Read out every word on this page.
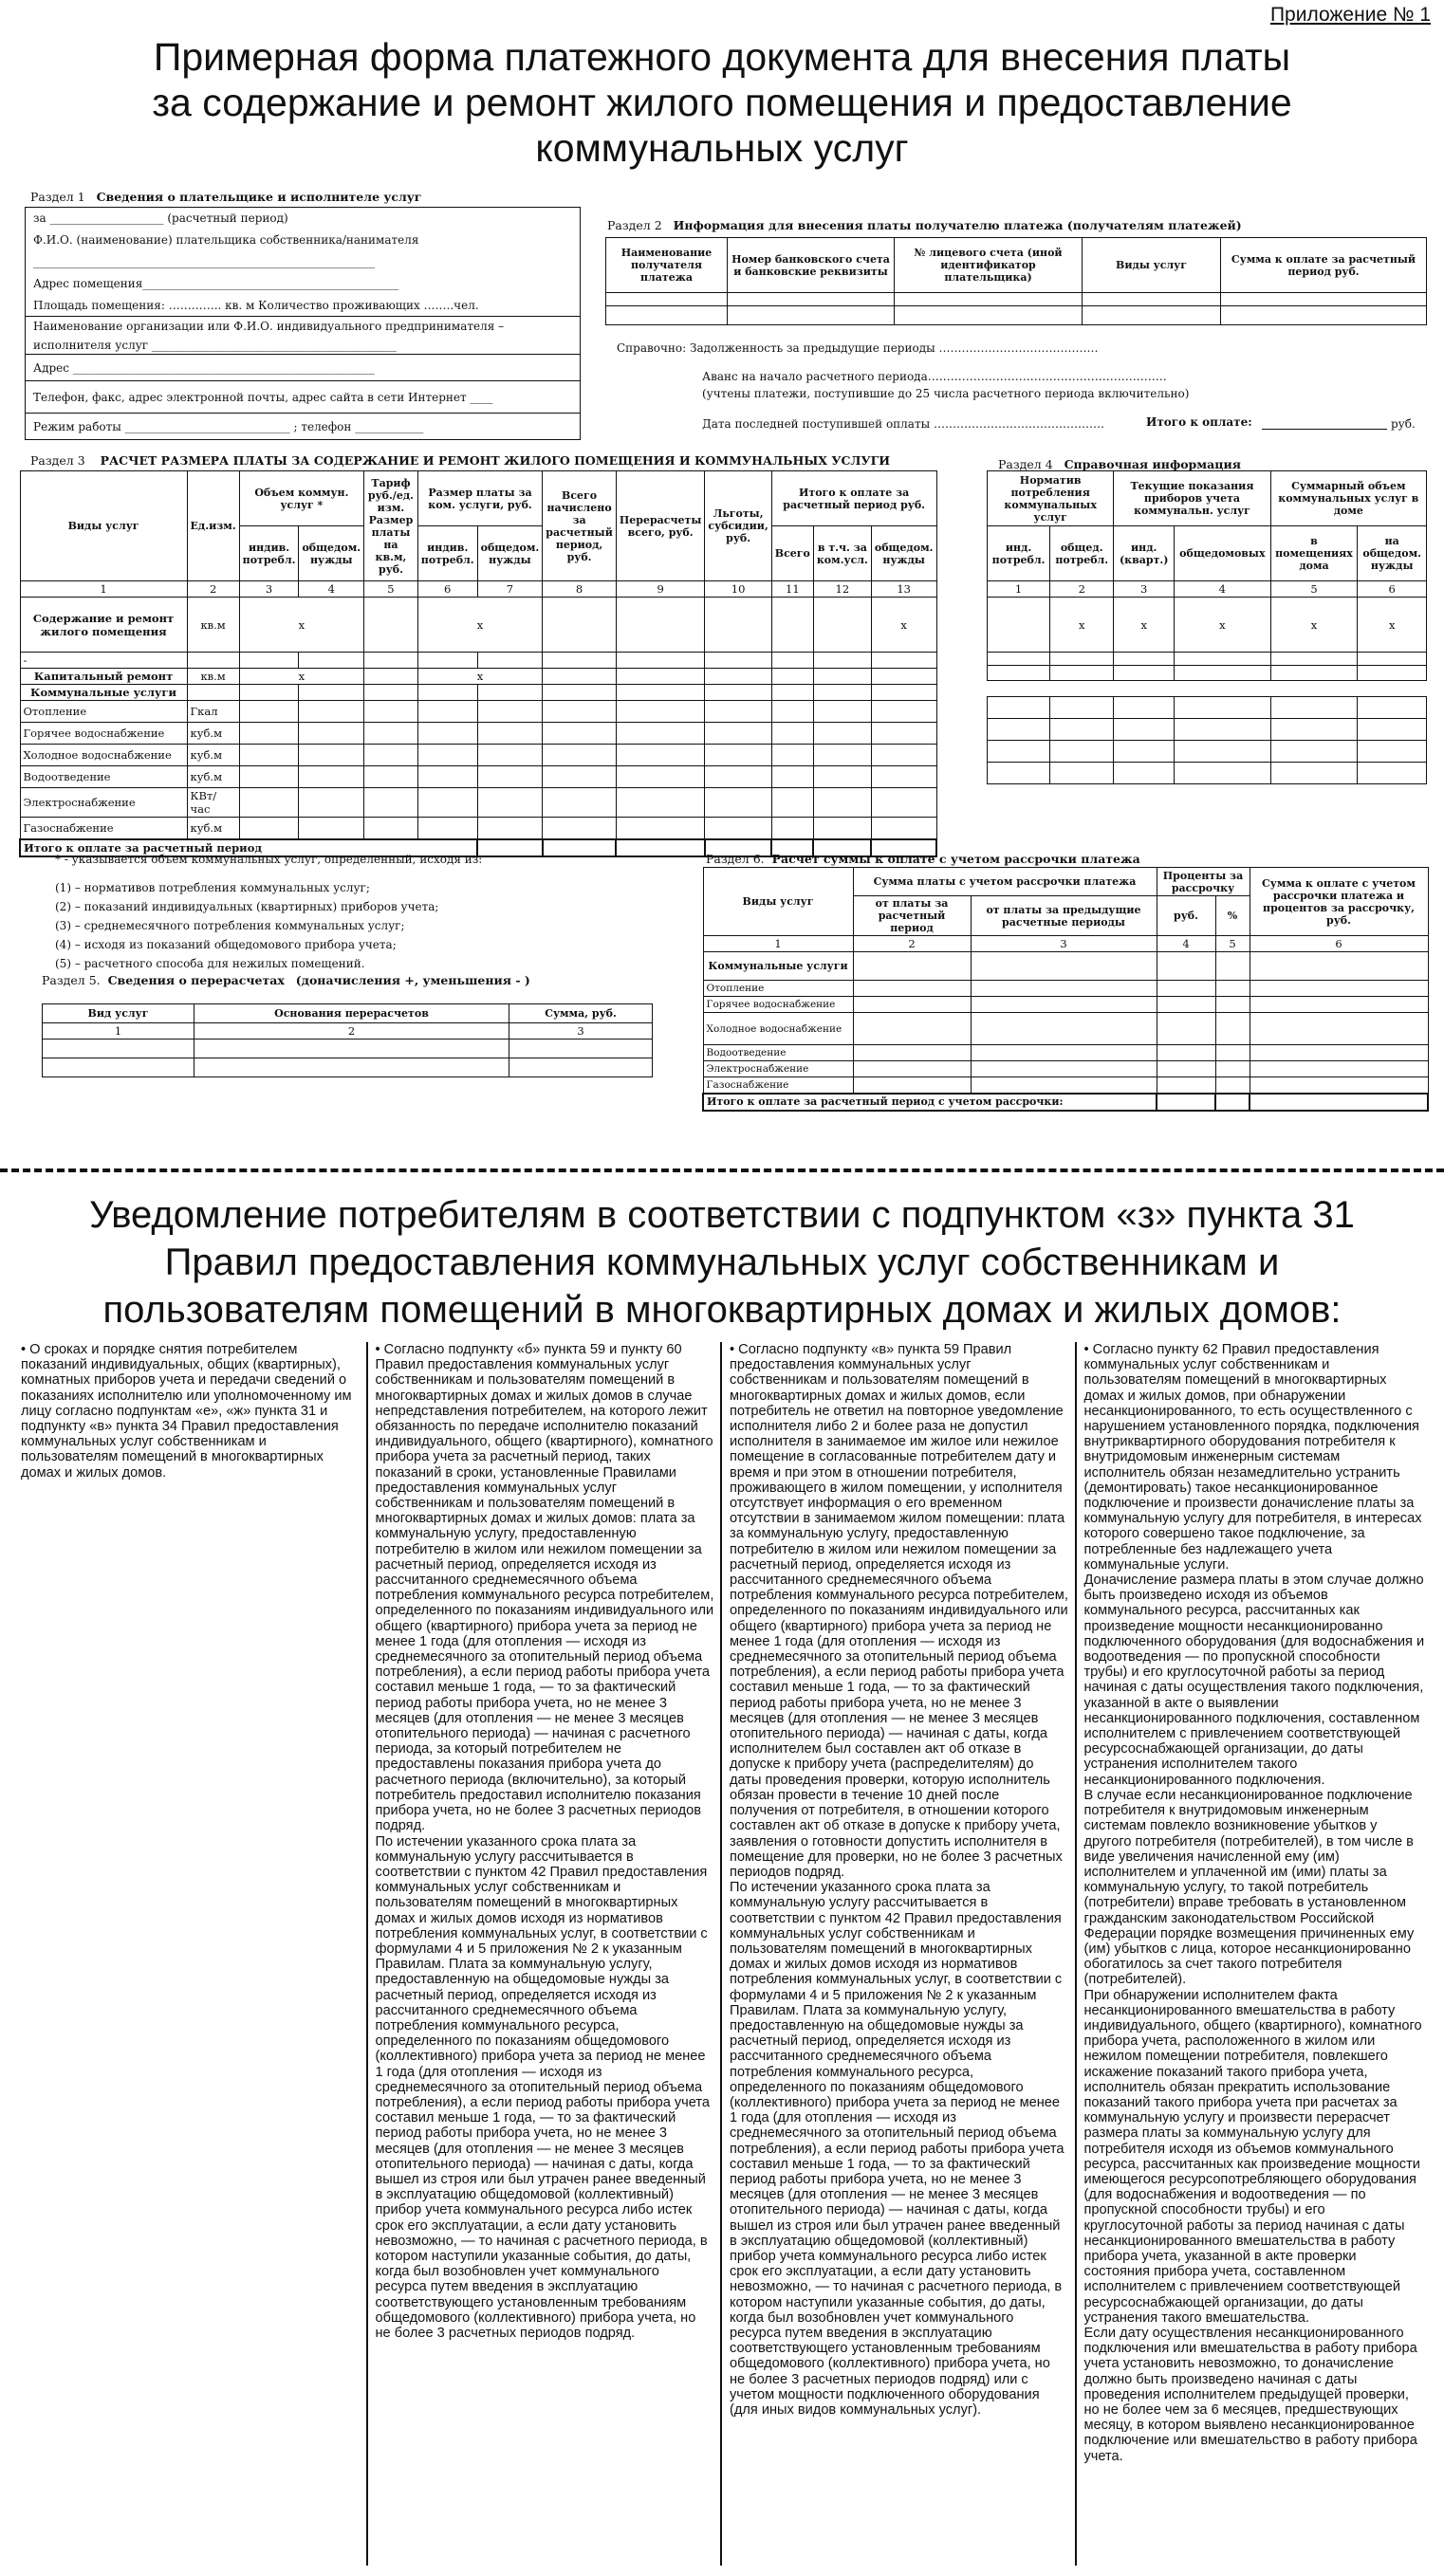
Приложение № 1
Примерная форма платежного документа для внесения платы
за содержание и ремонт жилого помещения и предоставление
коммунальных услуг
Раздел 1 Сведения о плательщике и исполнителе услуг
за ____________________ (расчетный период)
Ф.И.О. (наименование) плательщика собственника/нанимателя
____________________________________________________________
Адрес помещения_____________________________________________
Площадь помещения: ………….. кв. м Количество проживающих ……..чел.
Наименование организации или Ф.И.О. индивидуального предпринимателя –
исполнителя услуг ___________________________________________
Адрес _____________________________________________________
Телефон, факс, адрес электронной почты, адрес сайта в сети Интернет ____
Режим работы _____________________________ ; телефон ____________
Раздел 2 Информация для внесения платы получателю платежа (получателям платежей)
Наименование получателя платежа	Номер банковского счета и банковские реквизиты	№ лицевого счета (иной идентификатор плательщика)	Виды услуг	Сумма к оплате за расчетный период руб.

Справочно: Задолженность за предыдущие периоды ……………………………………
Аванс на начало расчетного периода………………………………………………………
(учтены платежи, поступившие до 25 числа расчетного периода включительно)
Дата последней поступившей оплаты ………………………………………	Итого к оплате:	руб.
Раздел 3 РАСЧЕТ РАЗМЕРА ПЛАТЫ ЗА СОДЕРЖАНИЕ И РЕМОНТ ЖИЛОГО ПОМЕЩЕНИЯ И КОММУНАЛЬНЫХ УСЛУГИ
Виды услуг	Ед.изм.	Объем коммун. услуг *		Тариф руб./ед. изм. Размер платы на кв.м, руб.	Размер платы за ком. услуги, руб.		Всего начислено за расчетный период, руб.	Перерасчеты всего, руб.	Льготы, субсидии, руб.	Итого к оплате за расчетный период руб.		
		индив. потребл.	общедом. нужды		индив. потребл.	общедом. нужды				Всего	в т.ч. за ком.усл.	общедом. нужды
1	2	3	4	5	6	7	8	9	10	11	12	13
Содержание и ремонт жилого помещения	кв.м	x			x							x
-												
Капитальный ремонт	кв.м	x			x							
Коммунальные услуги												
Отопление	Гкал											
Горячее водоснабжение	куб.м											
Холодное водоснабжение	куб.м											
Водоотведение	куб.м											
Электроснабжение	КВт/час											
Газоснабжение	куб.м											
Итого к оплате за расчетный период												
Раздел 4 Справочная информация
Норматив потребления коммунальных услуг		Текущие показания приборов учета коммунальн. услуг		Суммарный объем коммунальных услуг в доме	
инд. потребл.	общед. потребл.	инд. (кварт.)	общедомовых	в помещениях дома	на общедом. нужды
1	2	3	4	5	6
	x	x	x	x	x

* - указывается объем коммунальных услуг, определенный, исходя из:
(1) – нормативов потребления коммунальных услуг;
(2) – показаний индивидуальных (квартирных) приборов учета;
(3) – среднемесячного потребления коммунальных услуг;
(4) – исходя из показаний общедомового прибора учета;
(5) – расчетного способа для нежилых помещений.
Раздел 5. Сведения о перерасчетах (доначисления +, уменьшения - )
Вид услуг	Основания перерасчетов	Сумма, руб.
1	2	3

Раздел 6. Расчет суммы к оплате с учетом рассрочки платежа
Виды услуг	Сумма платы с учетом рассрочки платежа		Проценты за рассрочку		Сумма к оплате с учетом рассрочки платежа и процентов за рассрочку, руб.
	от платы за расчетный период	от платы за предыдущие расчетные периоды	руб.	%	
1	2	3	4	5	6
Коммунальные услуги					
Отопление					
Горячее водоснабжение					
Холодное водоснабжение					
Водоотведение					
Электроснабжение					
Газоснабжение					
Итого к оплате за расчетный период с учетом рассрочки:					
Уведомление потребителям в соответствии с подпунктом «з» пункта 31
Правил предоставления коммунальных услуг собственникам и
пользователям помещений в многоквартирных домах и жилых домов:

• О сроках и порядке снятия потребителем показаний индивидуальных, общих (квартирных), комнатных приборов учета и передачи сведений о показаниях исполнителю или уполномоченному им лицу согласно подпунктам «е», «ж» пункта 31 и подпункту «в» пункта 34 Правил предоставления коммунальных услуг собственникам и пользователям помещений в многоквартирных домах и жилых домов.

• Согласно подпункту «б» пункта 59 и пункту 60 Правил предоставления коммунальных услуг собственникам и пользователям помещений в многоквартирных домах и жилых домов в случае непредставления потребителем, на которого лежит обязанность по передаче исполнителю показаний индивидуального, общего (квартирного), комнатного прибора учета за расчетный период, таких показаний в сроки, установленные Правилами предоставления коммунальных услуг собственникам и пользователям помещений в многоквартирных домах и жилых домов: плата за коммунальную услугу, предоставленную потребителю в жилом или нежилом помещении за расчетный период, определяется исходя из рассчитанного среднемесячного объема потребления коммунального ресурса потребителем, определенного по показаниям индивидуального или общего (квартирного) прибора учета за период не менее 1 года (для отопления — исходя из среднемесячного за отопительный период объема потребления), а если период работы прибора учета составил меньше 1 года, — то за фактический период работы прибора учета, но не менее 3 месяцев (для отопления — не менее 3 месяцев отопительного периода) — начиная с расчетного периода, за который потребителем не предоставлены показания прибора учета до расчетного периода (включительно), за который потребитель предоставил исполнителю показания прибора учета, но не более 3 расчетных периодов подряд.

По истечении указанного срока плата за коммунальную услугу рассчитывается в соответствии с пунктом 42 Правил предоставления коммунальных услуг собственникам и пользователям помещений в многоквартирных домах и жилых домов исходя из нормативов потребления коммунальных услуг, в соответствии с формулами 4 и 5 приложения № 2 к указанным Правилам. Плата за коммунальную услугу, предоставленную на общедомовые нужды за расчетный период, определяется исходя из рассчитанного среднемесячного объема потребления коммунального ресурса, определенного по показаниям общедомового (коллективного) прибора учета за период не менее 1 года (для отопления — исходя из среднемесячного за отопительный период объема потребления), а если период работы прибора учета составил меньше 1 года, — то за фактический период работы прибора учета, но не менее 3 месяцев (для отопления — не менее 3 месяцев отопительного периода) — начиная с даты, когда вышел из строя или был утрачен ранее введенный в эксплуатацию общедомовой (коллективный) прибор учета коммунального ресурса либо истек срок его эксплуатации, а если дату установить невозможно, — то начиная с расчетного периода, в котором наступили указанные события, до даты, когда был возобновлен учет коммунального ресурса путем введения в эксплуатацию соответствующего установленным требованиям общедомового (коллективного) прибора учета, но не более 3 расчетных периодов подряд.

• Согласно подпункту «в» пункта 59 Правил предоставления коммунальных услуг собственникам и пользователям помещений в многоквартирных домах и жилых домов, если потребитель не ответил на повторное уведомление исполнителя либо 2 и более раза не допустил исполнителя в занимаемое им жилое или нежилое помещение в согласованные потребителем дату и время и при этом в отношении потребителя, проживающего в жилом помещении, у исполнителя отсутствует информация о его временном отсутствии в занимаемом жилом помещении: плата за коммунальную услугу, предоставленную потребителю в жилом или нежилом помещении за расчетный период, определяется исходя из рассчитанного среднемесячного объема потребления коммунального ресурса потребителем, определенного по показаниям индивидуального или общего (квартирного) прибора учета за период не менее 1 года (для отопления — исходя из среднемесячного за отопительный период объема потребления), а если период работы прибора учета составил меньше 1 года, — то за фактический период работы прибора учета, но не менее 3 месяцев (для отопления — не менее 3 месяцев отопительного периода) — начиная с даты, когда исполнителем был составлен акт об отказе в допуске к прибору учета (распределителям) до даты проведения проверки, которую исполнитель обязан провести в течение 10 дней после получения от потребителя, в отношении которого составлен акт об отказе в допуске к прибору учета, заявления о готовности допустить исполнителя в помещение для проверки, но не более 3 расчетных периодов подряд.

По истечении указанного срока плата за коммунальную услугу рассчитывается в соответствии с пунктом 42 Правил предоставления коммунальных услуг собственникам и пользователям помещений в многоквартирных домах и жилых домов исходя из нормативов потребления коммунальных услуг, в соответствии с формулами 4 и 5 приложения № 2 к указанным Правилам. Плата за коммунальную услугу, предоставленную на общедомовые нужды за расчетный период, определяется исходя из рассчитанного среднемесячного объема потребления коммунального ресурса, определенного по показаниям общедомового (коллективного) прибора учета за период не менее 1 года (для отопления — исходя из среднемесячного за отопительный период объема потребления), а если период работы прибора учета составил меньше 1 года, — то за фактический период работы прибора учета, но не менее 3 месяцев (для отопления — не менее 3 месяцев отопительного периода) — начиная с даты, когда вышел из строя или был утрачен ранее введенный в эксплуатацию общедомовой (коллективный) прибор учета коммунального ресурса либо истек срок его эксплуатации, а если дату установить невозможно, — то начиная с расчетного периода, в котором наступили указанные события, до даты, когда был возобновлен учет коммунального ресурса путем введения в эксплуатацию соответствующего установленным требованиям общедомового (коллективного) прибора учета, но не более 3 расчетных периодов подряд) или с учетом мощности подключенного оборудования (для иных видов коммунальных услуг).

• Согласно пункту 62 Правил предоставления коммунальных услуг собственникам и пользователям помещений в многоквартирных домах и жилых домов, при обнаружении несанкционированного, то есть осуществленного с нарушением установленного порядка, подключения внутриквартирного оборудования потребителя к внутридомовым инженерным системам исполнитель обязан незамедлительно устранить (демонтировать) такое несанкционированное подключение и произвести доначисление платы за коммунальную услугу для потребителя, в интересах которого совершено такое подключение, за потребленные без надлежащего учета коммунальные услуги.

Доначисление размера платы в этом случае должно быть произведено исходя из объемов коммунального ресурса, рассчитанных как произведение мощности несанкционированно подключенного оборудования (для водоснабжения и водоотведения — по пропускной способности трубы) и его круглосуточной работы за период начиная с даты осуществления такого подключения, указанной в акте о выявлении несанкционированного подключения, составленном исполнителем с привлечением соответствующей ресурсоснабжающей организации, до даты устранения исполнителем такого несанкционированного подключения.

В случае если несанкционированное подключение потребителя к внутридомовым инженерным системам повлекло возникновение убытков у другого потребителя (потребителей), в том числе в виде увеличения начисленной ему (им) исполнителем и уплаченной им (ими) платы за коммунальную услугу, то такой потребитель (потребители) вправе требовать в установленном гражданским законодательством Российской Федерации порядке возмещения причиненных ему (им) убытков с лица, которое несанкционированно обогатилось за счет такого потребителя (потребителей).

При обнаружении исполнителем факта несанкционированного вмешательства в работу индивидуального, общего (квартирного), комнатного прибора учета, расположенного в жилом или нежилом помещении потребителя, повлекшего искажение показаний такого прибора учета, исполнитель обязан прекратить использование показаний такого прибора учета при расчетах за коммунальную услугу и произвести перерасчет размера платы за коммунальную услугу для потребителя исходя из объемов коммунального ресурса, рассчитанных как произведение мощности имеющегося ресурсопотребляющего оборудования (для водоснабжения и водоотведения — по пропускной способности трубы) и его круглосуточной работы за период начиная с даты несанкционированного вмешательства в работу прибора учета, указанной в акте проверки состояния прибора учета, составленном исполнителем с привлечением соответствующей ресурсоснабжающей организации, до даты устранения такого вмешательства.

Если дату осуществления несанкционированного подключения или вмешательства в работу прибора учета установить невозможно, то доначисление должно быть произведено начиная с даты проведения исполнителем предыдущей проверки, но не более чем за 6 месяцев, предшествующих месяцу, в котором выявлено несанкционированное подключение или вмешательство в работу прибора учета.
